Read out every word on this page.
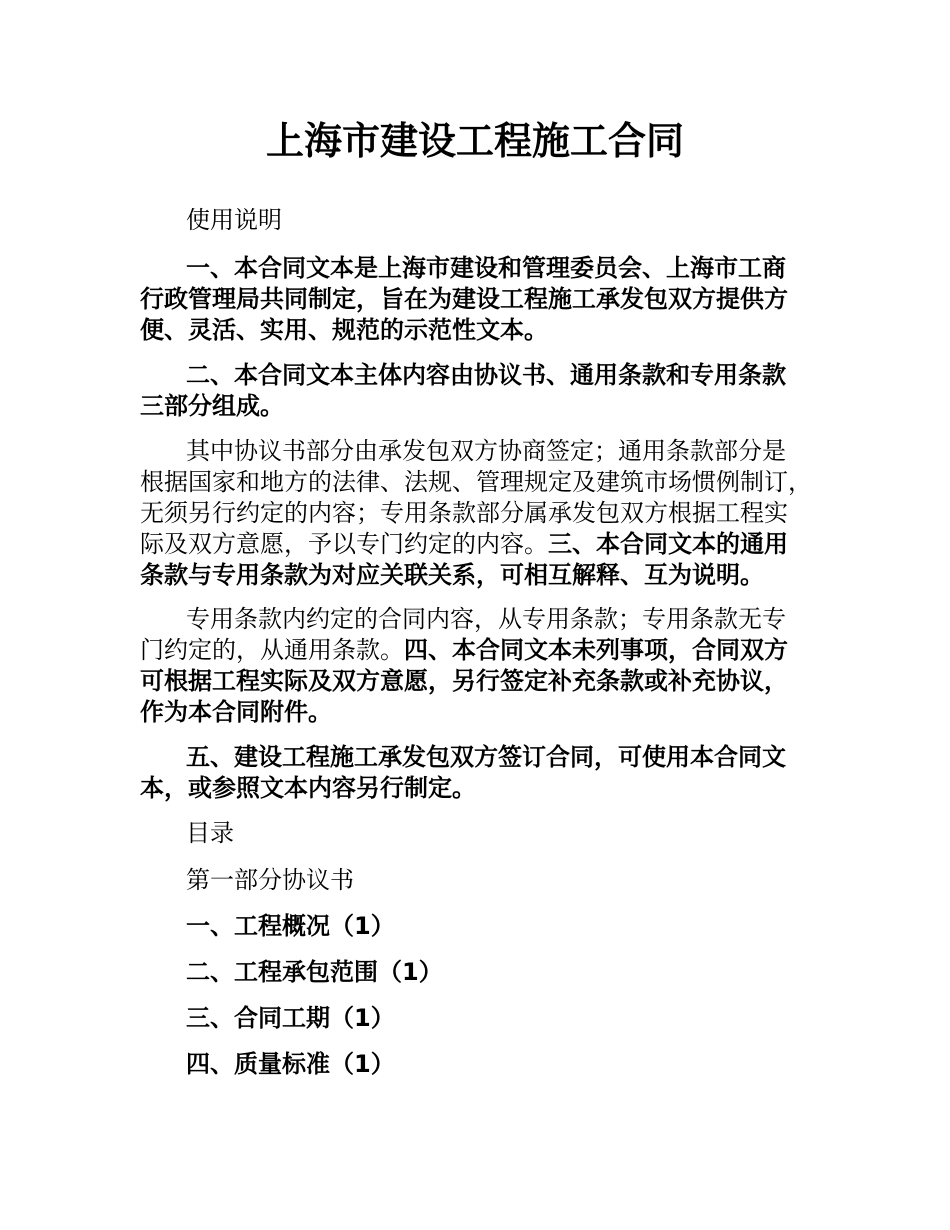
上海市建设工程施工合同

使用说明

一、本合同文本是上海市建设和管理委员会、上海市工商
行政管理局共同制定，旨在为建设工程施工承发包双方提供方
便、灵活、实用、规范的示范性文本。

二、本合同文本主体内容由协议书、通用条款和专用条款
三部分组成。

其中协议书部分由承发包双方协商签定；通用条款部分是
根据国家和地方的法律、法规、管理规定及建筑市场惯例制订，
无须另行约定的内容；专用条款部分属承发包双方根据工程实
际及双方意愿，予以专门约定的内容。三、本合同文本的通用
条款与专用条款为对应关联关系，可相互解释、互为说明。

专用条款内约定的合同内容，从专用条款；专用条款无专
门约定的，从通用条款。四、本合同文本未列事项，合同双方
可根据工程实际及双方意愿，另行签定补充条款或补充协议，
作为本合同附件。

五、建设工程施工承发包双方签订合同，可使用本合同文
本，或参照文本内容另行制定。

目录

第一部分协议书

一、工程概况（1）

二、工程承包范围（1）

三、合同工期（1）

四、质量标准（1）
